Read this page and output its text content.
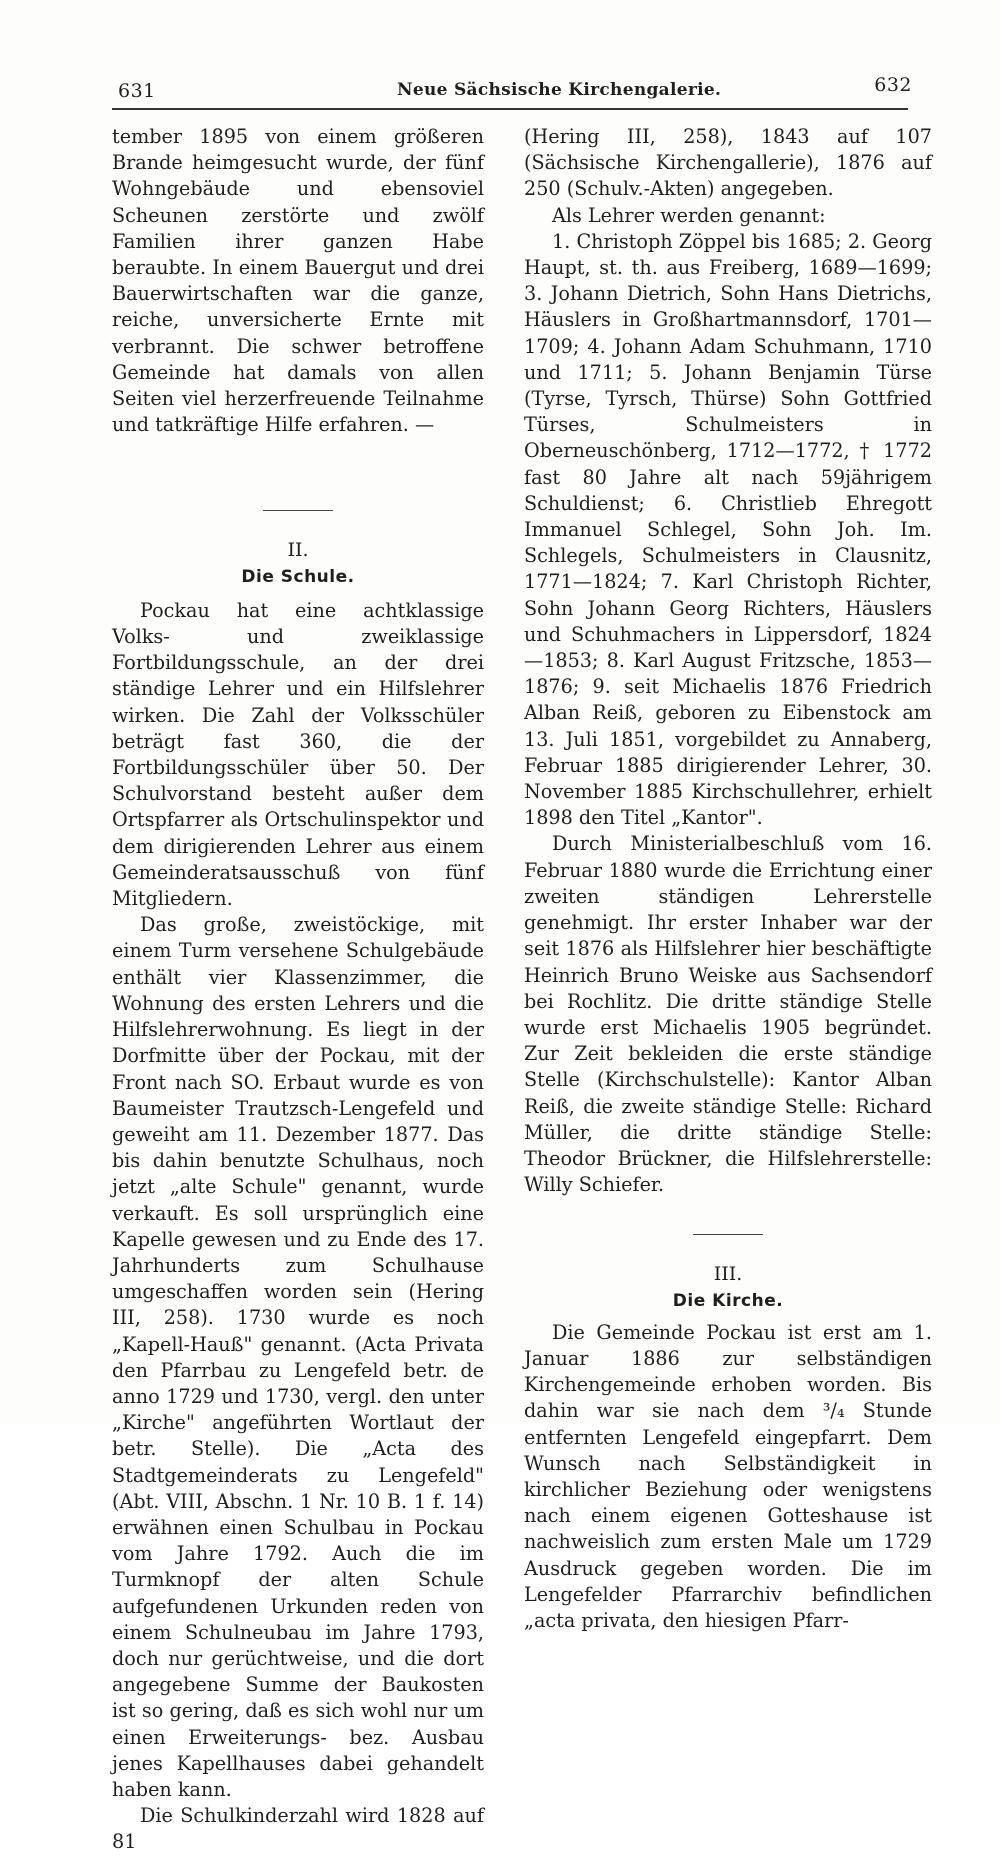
631	Neue Sächsische Kirchengalerie.	632

tember 1895 von einem größeren Brande heimgesucht wurde, der fünf Wohngebäude und ebensoviel Scheunen zerstörte und zwölf Familien ihrer ganzen Habe beraubte. In einem Bauergut und drei Bauerwirtschaften war die ganze, reiche, unversicherte Ernte mit verbrannt. Die schwer betroffene Gemeinde hat damals von allen Seiten viel herzerfreuende Teilnahme und tatkräftige Hilfe erfahren. —

II.

Die Schule.

Pockau hat eine achtklassige Volks- und zweiklassige Fortbildungsschule, an der drei ständige Lehrer und ein Hilfslehrer wirken. Die Zahl der Volksschüler beträgt fast 360, die der Fortbildungsschüler über 50. Der Schulvorstand besteht außer dem Ortspfarrer als Ortschulinspektor und dem dirigierenden Lehrer aus einem Gemeinderatsausschuß von fünf Mitgliedern.

Das große, zweistöckige, mit einem Turm versehene Schulgebäude enthält vier Klassenzimmer, die Wohnung des ersten Lehrers und die Hilfslehrerwohnung. Es liegt in der Dorfmitte über der Pockau, mit der Front nach SO. Erbaut wurde es von Baumeister Trautzsch-Lengefeld und geweiht am 11. Dezember 1877. Das bis dahin benutzte Schulhaus, noch jetzt „alte Schule" genannt, wurde verkauft. Es soll ursprünglich eine Kapelle gewesen und zu Ende des 17. Jahrhunderts zum Schulhause umgeschaffen worden sein (Hering III, 258). 1730 wurde es noch „Kapell-Hauß" genannt. (Acta Privata den Pfarrbau zu Lengefeld betr. de anno 1729 und 1730, vergl. den unter „Kirche" angeführten Wortlaut der betr. Stelle). Die „Acta des Stadtgemeinderats zu Lengefeld" (Abt. VIII, Abschn. 1 Nr. 10 B. 1 f. 14) erwähnen einen Schulbau in Pockau vom Jahre 1792. Auch die im Turmknopf der alten Schule aufgefundenen Urkunden reden von einem Schulneubau im Jahre 1793, doch nur gerüchtweise, und die dort angegebene Summe der Baukosten ist so gering, daß es sich wohl nur um einen Erweiterungs- bez. Ausbau jenes Kapellhauses dabei gehandelt haben kann.

Die Schulkinderzahl wird 1828 auf 81

(Hering III, 258), 1843 auf 107 (Sächsische Kirchengallerie), 1876 auf 250 (Schulv.-Akten) angegeben.

Als Lehrer werden genannt:

1. Christoph Zöppel bis 1685; 2. Georg Haupt, st. th. aus Freiberg, 1689—1699; 3. Johann Dietrich, Sohn Hans Dietrichs, Häuslers in Großhartmannsdorf, 1701—1709; 4. Johann Adam Schuhmann, 1710 und 1711; 5. Johann Benjamin Türse (Tyrse, Tyrsch, Thürse) Sohn Gottfried Türses, Schulmeisters in Oberneuschönberg, 1712—1772, † 1772 fast 80 Jahre alt nach 59jährigem Schuldienst; 6. Christlieb Ehregott Immanuel Schlegel, Sohn Joh. Im. Schlegels, Schulmeisters in Clausnitz, 1771—1824; 7. Karl Christoph Richter, Sohn Johann Georg Richters, Häuslers und Schuhmachers in Lippersdorf, 1824—1853; 8. Karl August Fritzsche, 1853—1876; 9. seit Michaelis 1876 Friedrich Alban Reiß, geboren zu Eibenstock am 13. Juli 1851, vorgebildet zu Annaberg, Februar 1885 dirigierender Lehrer, 30. November 1885 Kirchschullehrer, erhielt 1898 den Titel „Kantor".

Durch Ministerialbeschluß vom 16. Februar 1880 wurde die Errichtung einer zweiten ständigen Lehrerstelle genehmigt. Ihr erster Inhaber war der seit 1876 als Hilfslehrer hier beschäftigte Heinrich Bruno Weiske aus Sachsendorf bei Rochlitz. Die dritte ständige Stelle wurde erst Michaelis 1905 begründet. Zur Zeit bekleiden die erste ständige Stelle (Kirchschulstelle): Kantor Alban Reiß, die zweite ständige Stelle: Richard Müller, die dritte ständige Stelle: Theodor Brückner, die Hilfslehrerstelle: Willy Schiefer.

III.

Die Kirche.

Die Gemeinde Pockau ist erst am 1. Januar 1886 zur selbständigen Kirchengemeinde erhoben worden. Bis dahin war sie nach dem ³/₄ Stunde entfernten Lengefeld eingepfarrt. Dem Wunsch nach Selbständigkeit in kirchlicher Beziehung oder wenigstens nach einem eigenen Gotteshause ist nachweislich zum ersten Male um 1729 Ausdruck gegeben worden. Die im Lengefelder Pfarrarchiv befindlichen „acta privata, den hiesigen Pfarr-
